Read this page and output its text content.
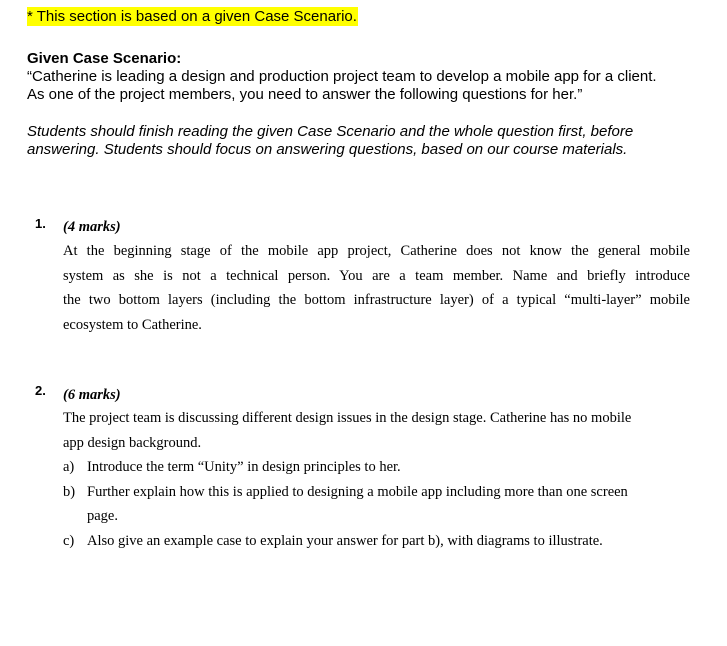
* This section is based on a given Case Scenario.
Given Case Scenario:
“Catherine is leading a design and production project team to develop a mobile app for a client.
As one of the project members, you need to answer the following questions for her.”
Students should finish reading the given Case Scenario and the whole question first, before
answering. Students should focus on answering questions, based on our course materials.
1. (4 marks)
At the beginning stage of the mobile app project, Catherine does not know the general mobile
system as she is not a technical person. You are a team member. Name and briefly introduce
the two bottom layers (including the bottom infrastructure layer) of a typical “multi-layer” mobile
ecosystem to Catherine.
2. (6 marks)
The project team is discussing different design issues in the design stage. Catherine has no mobile
app design background.
a) Introduce the term “Unity” in design principles to her.
b) Further explain how this is applied to designing a mobile app including more than one screen
page.
c) Also give an example case to explain your answer for part b), with diagrams to illustrate.
